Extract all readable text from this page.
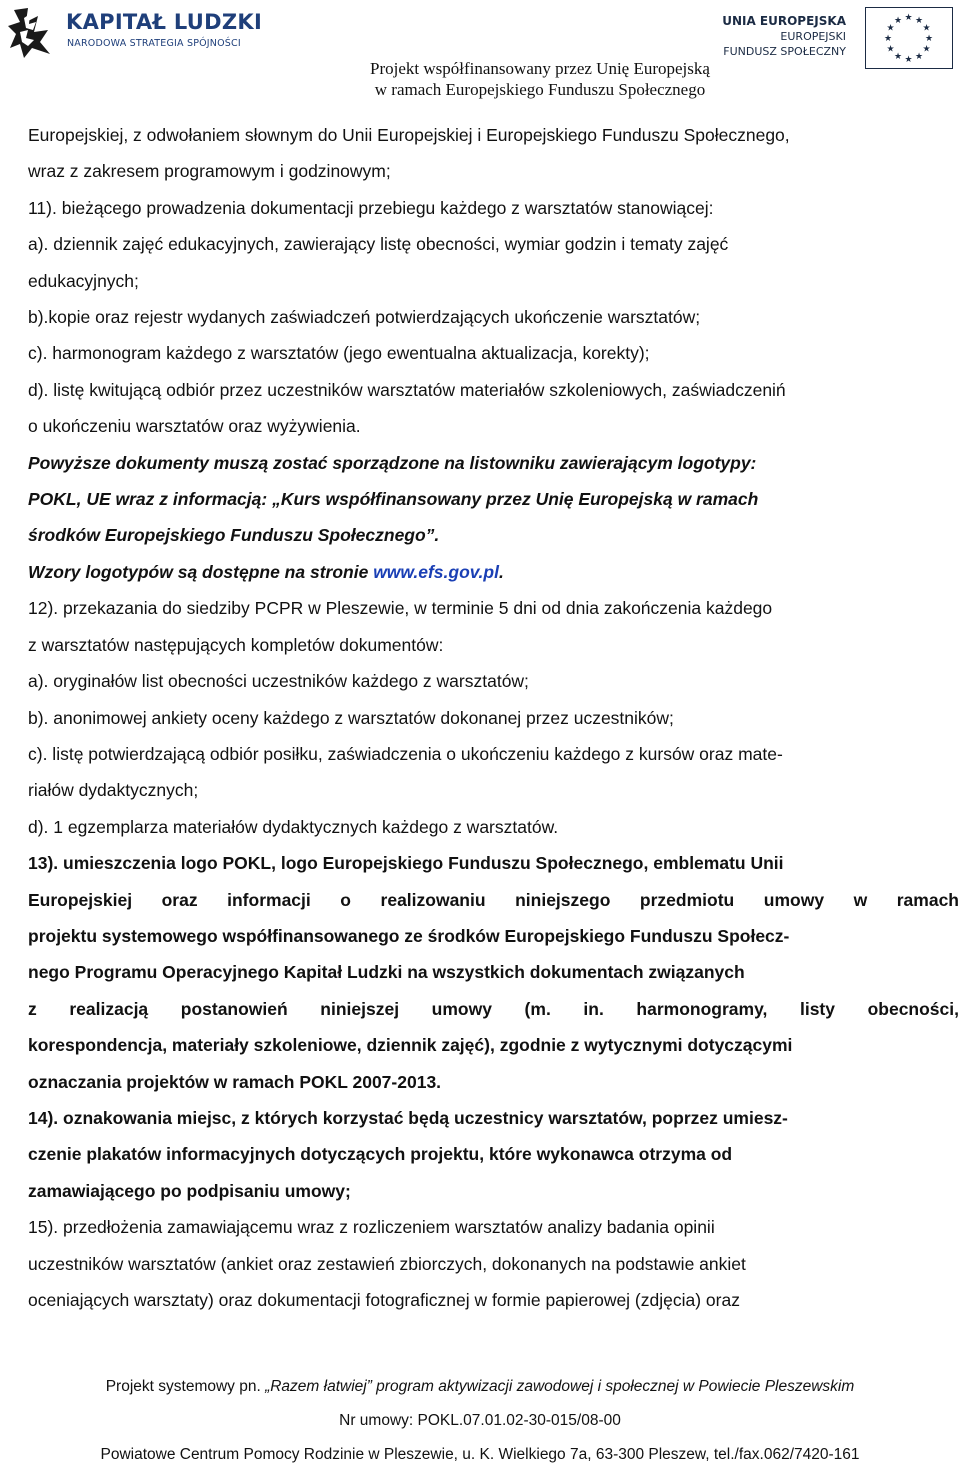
KAPITAŁ LUDZKI
NARODOWA STRATEGIA SPÓJNOŚCI
UNIA EUROPEJSKA
EUROPEJSKI
FUNDUSZ SPOŁECZNY
★ ★
★
★
★
★
★
★
★
★
★
★
Projekt współfinansowany przez Unię Europejską
w ramach Europejskiego Funduszu Społecznego

Europejskiej, z odwołaniem słownym do Unii Europejskiej i Europejskiego Funduszu Społecznego,

wraz z zakresem programowym i godzinowym;

11). bieżącego prowadzenia dokumentacji przebiegu każdego z warsztatów stanowiącej:

a). dziennik zajęć edukacyjnych, zawierający listę obecności, wymiar godzin i tematy zajęć

edukacyjnych;

b).kopie oraz rejestr wydanych zaświadczeń potwierdzających ukończenie warsztatów;

c). harmonogram każdego z warsztatów (jego ewentualna aktualizacja, korekty);

d). listę kwitującą odbiór przez uczestników warsztatów materiałów szkoleniowych, zaświadczeniń

o ukończeniu warsztatów oraz wyżywienia.

Powyższe dokumenty muszą zostać sporządzone na listowniku zawierającym logotypy:

POKL, UE wraz z informacją: „Kurs współfinansowany przez Unię Europejską w ramach

środków Europejskiego Funduszu Społecznego”.

Wzory logotypów są dostępne na stronie www.efs.gov.pl.

12). przekazania do siedziby PCPR w Pleszewie, w terminie 5 dni od dnia zakończenia każdego

z warsztatów następujących kompletów dokumentów:

a). oryginałów list obecności uczestników każdego z warsztatów;

b). anonimowej ankiety oceny każdego z warsztatów dokonanej przez uczestników;

c). listę potwierdzającą odbiór posiłku, zaświadczenia o ukończeniu każdego z kursów oraz mate-

riałów dydaktycznych;

d). 1 egzemplarza materiałów dydaktycznych każdego z warsztatów.

13). umieszczenia logo POKL, logo Europejskiego Funduszu Społecznego, emblematu Unii

Europejskiej oraz informacji o realizowaniu niniejszego przedmiotu umowy w ramach

projektu systemowego współfinansowanego ze środków Europejskiego Funduszu Społecz-

nego Programu Operacyjnego Kapitał Ludzki na wszystkich dokumentach związanych

z realizacją postanowień niniejszej umowy (m. in. harmonogramy, listy obecności,

korespondencja, materiały szkoleniowe, dziennik zajęć), zgodnie z wytycznymi dotyczącymi

oznaczania projektów w ramach POKL 2007-2013.

14). oznakowania miejsc, z których korzystać będą uczestnicy warsztatów, poprzez umiesz-

czenie plakatów informacyjnych dotyczących projektu, które wykonawca otrzyma od

zamawiającego po podpisaniu umowy;

15). przedłożenia zamawiającemu wraz z rozliczeniem warsztatów analizy badania opinii

uczestników warsztatów (ankiet oraz zestawień zbiorczych, dokonanych na podstawie ankiet

oceniających warsztaty) oraz dokumentacji fotograficznej w formie papierowej (zdjęcia) oraz

Projekt systemowy pn. „Razem łatwiej” program aktywizacji zawodowej i społecznej w Powiecie Pleszewskim

Nr umowy: POKL.07.01.02-30-015/08-00

Powiatowe Centrum Pomocy Rodzinie w Pleszewie, u. K. Wielkiego 7a, 63-300 Pleszew, tel./fax.062/7420-161
